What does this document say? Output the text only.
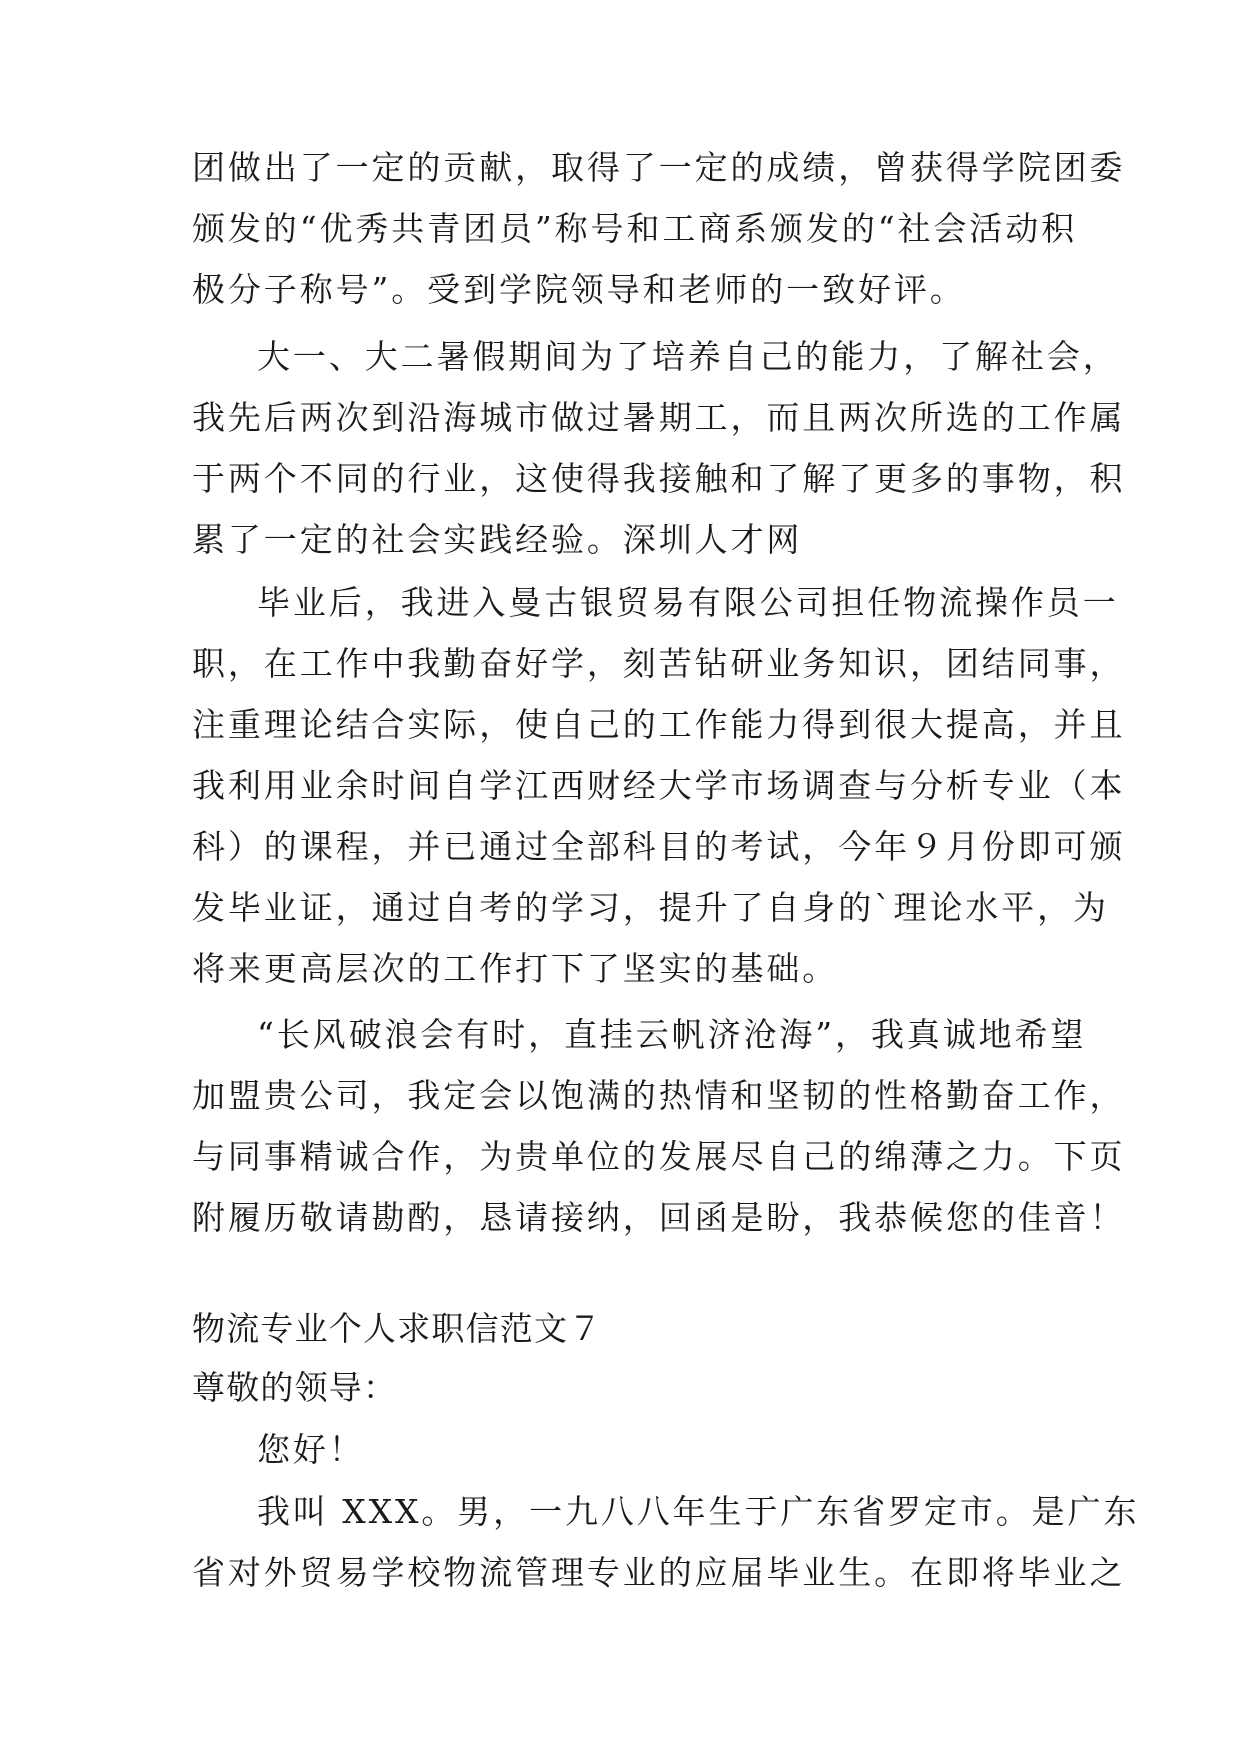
团做出了一定的贡献，取得了一定的成绩，曾获得学院团委
颁发的“优秀共青团员”称号和工商系颁发的“社会活动积
极分子称号”。受到学院领导和老师的一致好评。
大一、大二暑假期间为了培养自己的能力，了解社会，
我先后两次到沿海城市做过暑期工，而且两次所选的工作属
于两个不同的行业，这使得我接触和了解了更多的事物，积
累了一定的社会实践经验。深圳人才网
毕业后，我进入曼古银贸易有限公司担任物流操作员一
职，在工作中我勤奋好学，刻苦钻研业务知识，团结同事，
注重理论结合实际，使自己的工作能力得到很大提高，并且
我利用业余时间自学江西财经大学市场调查与分析专业（本
科）的课程，并已通过全部科目的考试，今年９月份即可颁
发毕业证，通过自考的学习，提升了自身的`理论水平，为
将来更高层次的工作打下了坚实的基础。
“长风破浪会有时，直挂云帆济沧海”，我真诚地希望
加盟贵公司，我定会以饱满的热情和坚韧的性格勤奋工作，
与同事精诚合作，为贵单位的发展尽自己的绵薄之力。下页
附履历敬请勘酌，恳请接纳，回函是盼，我恭候您的佳音！
物流专业个人求职信范文７
尊敬的领导：
您好！
我叫 XXX。男，一九八八年生于广东省罗定市。是广东
省对外贸易学校物流管理专业的应届毕业生。在即将毕业之
